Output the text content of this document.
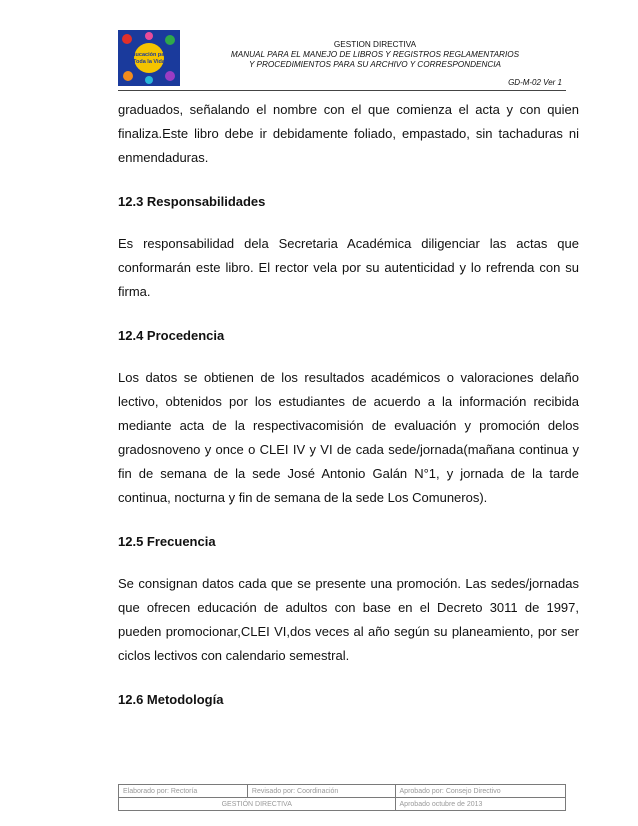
Educación para
Toda la Vida
GESTION DIRECTIVA
MANUAL PARA EL MANEJO DE LIBROS Y REGISTROS REGLAMENTARIOS
Y PROCEDIMIENTOS PARA SU ARCHIVO Y CORRESPONDENCIA
GD-M-02 Ver 1

graduados, señalando el nombre con el que comienza el acta y con quien finaliza.Este libro debe ir debidamente foliado, empastado, sin tachaduras ni enmendaduras.

12.3 Responsabilidades

Es responsabilidad dela Secretaria Académica diligenciar las actas que conformarán este libro. El rector vela por su autenticidad y lo refrenda con su firma.

12.4 Procedencia

Los datos se obtienen de los resultados académicos o valoraciones delaño lectivo, obtenidos por los estudiantes de acuerdo a la información recibida mediante acta de la respectivacomisión de evaluación y promoción delos gradosnoveno y once o CLEI IV y VI de cada sede/jornada(mañana continua y fin de semana de la sede José Antonio Galán N°1, y jornada de la tarde continua, nocturna y fin de semana de la sede Los Comuneros).

12.5 Frecuencia

Se consignan datos cada que se presente una promoción. Las sedes/jornadas que ofrecen educación de adultos con base en el Decreto 3011 de 1997, pueden promocionar,CLEI VI,dos veces al año según su planeamiento, por ser ciclos lectivos con calendario semestral.

12.6 Metodología
Elaborado por: Rectoría	Revisado por: Coordinación	Aprobado por: Consejo Directivo
GESTIÓN DIRECTIVA		Aprobado octubre de 2013
